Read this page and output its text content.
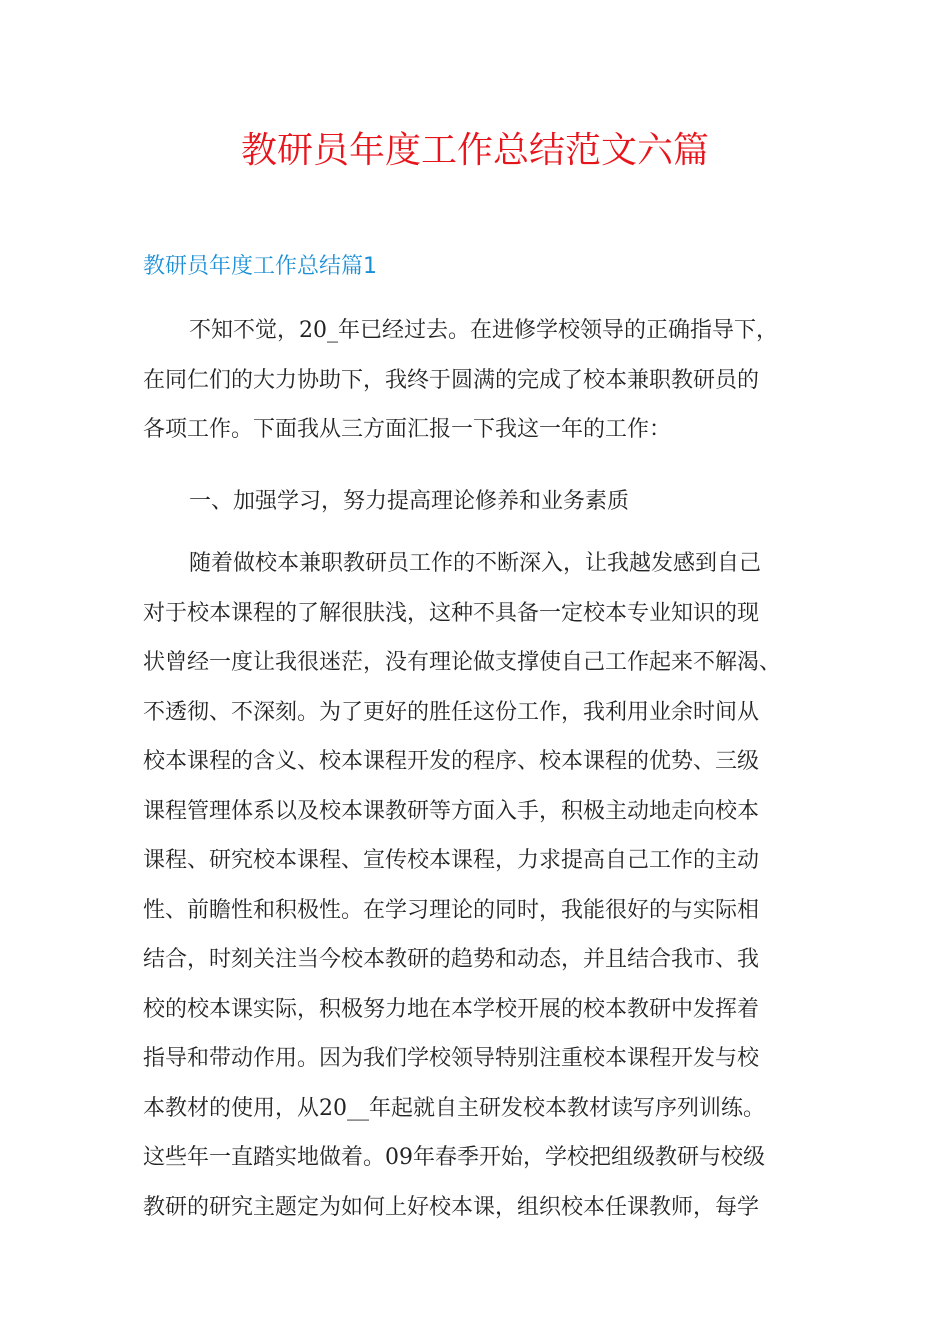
教研员年度工作总结范文六篇
教研员年度工作总结篇1
不知不觉，20_年已经过去。在进修学校领导的正确指导下，
在同仁们的大力协助下，我终于圆满的完成了校本兼职教研员的
各项工作。下面我从三方面汇报一下我这一年的工作：
一、加强学习，努力提高理论修养和业务素质
随着做校本兼职教研员工作的不断深入，让我越发感到自己
对于校本课程的了解很肤浅，这种不具备一定校本专业知识的现
状曾经一度让我很迷茫，没有理论做支撑使自己工作起来不解渴、
不透彻、不深刻。为了更好的胜任这份工作，我利用业余时间从
校本课程的含义、校本课程开发的程序、校本课程的优势、三级
课程管理体系以及校本课教研等方面入手，积极主动地走向校本
课程、研究校本课程、宣传校本课程，力求提高自己工作的主动
性、前瞻性和积极性。在学习理论的同时，我能很好的与实际相
结合，时刻关注当今校本教研的趋势和动态，并且结合我市、我
校的校本课实际，积极努力地在本学校开展的校本教研中发挥着
指导和带动作用。因为我们学校领导特别注重校本课程开发与校
本教材的使用，从20__年起就自主研发校本教材读写序列训练。
这些年一直踏实地做着。09年春季开始，学校把组级教研与校级
教研的研究主题定为如何上好校本课，组织校本任课教师，每学
